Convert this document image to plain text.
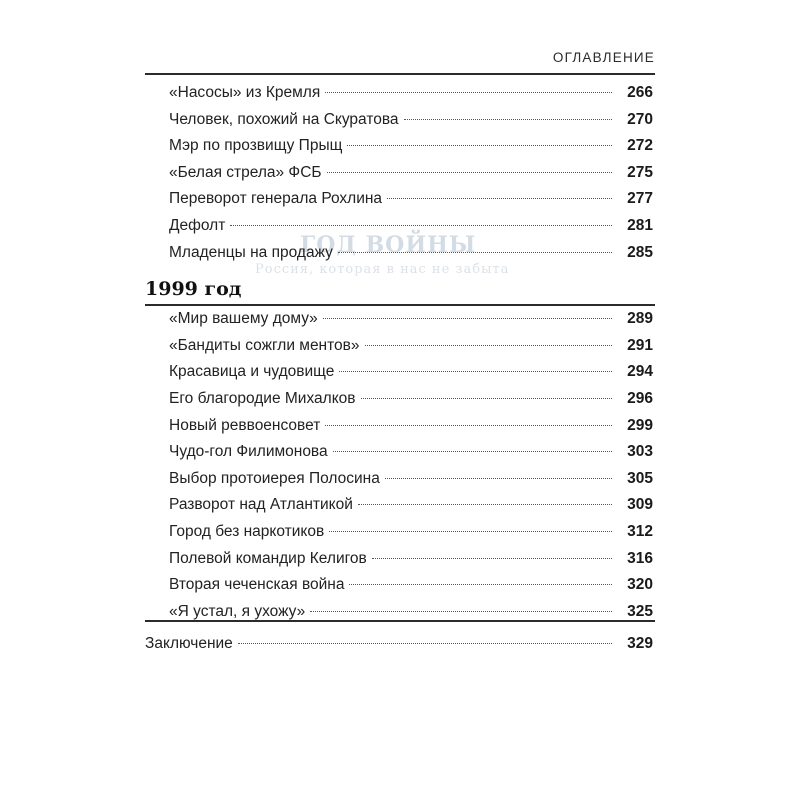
ГОД ВОЙНЫ
Россия, которая в нас не забыта
ОГЛАВЛЕНИЕ
«Насосы» из Кремля	266
Человек, похожий на Скуратова	270
Мэр по прозвищу Прыщ	272
«Белая стрела» ФСБ	275
Переворот генерала Рохлина	277
Дефолт	281
Младенцы на продажу	285
1999 год
«Мир вашему дому»	289
«Бандиты сожгли ментов»	291
Красавица и чудовище	294
Его благородие Михалков	296
Новый реввоенсовет	299
Чудо-гол Филимонова	303
Выбор протоиерея Полосина	305
Разворот над Атлантикой	309
Город без наркотиков	312
Полевой командир Келигов	316
Вторая чеченская война	320
«Я устал, я ухожу»	325
Заключение	329
